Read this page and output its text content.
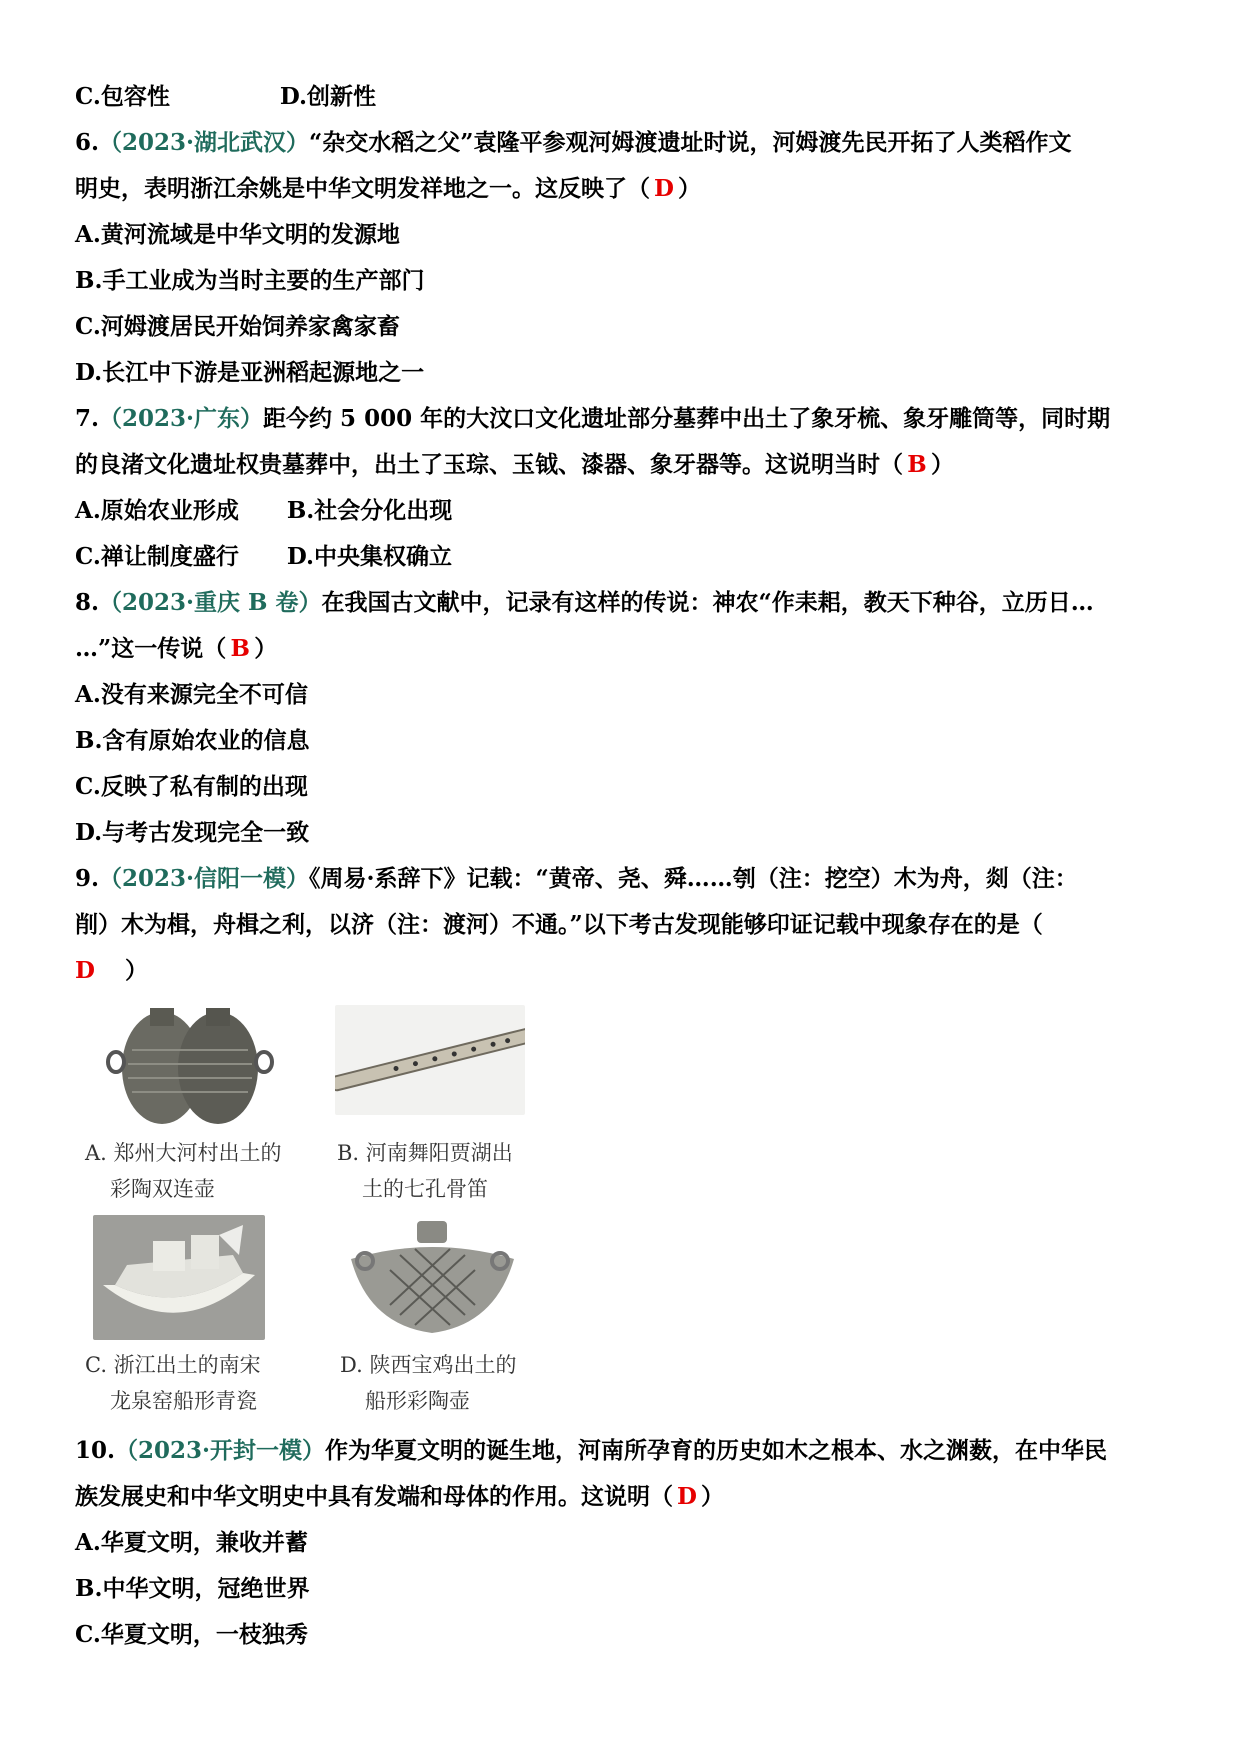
C.包容性	D.创新性
6.（2023·湖北武汉）“杂交水稻之父”袁隆平参观河姆渡遗址时说，河姆渡先民开拓了人类稻作文
明史，表明浙江余姚是中华文明发祥地之一。这反映了（ D ）
A.黄河流域是中华文明的发源地
B.手工业成为当时主要的生产部门
C.河姆渡居民开始饲养家禽家畜
D.长江中下游是亚洲稻起源地之一
7.（2023·广东）距今约 5 000 年的大汶口文化遗址部分墓葬中出土了象牙梳、象牙雕筒等，同时期
的良渚文化遗址权贵墓葬中，出土了玉琮、玉钺、漆器、象牙器等。这说明当时（ B ）
A.原始农业形成 B.社会分化出现
C.禅让制度盛行 D.中央集权确立
8.（2023·重庆 B 卷）在我国古文献中，记录有这样的传说：神农“作耒耜，教天下种谷，立历日…
…”这一传说（ B ）
A.没有来源完全不可信
B.含有原始农业的信息
C.反映了私有制的出现
D.与考古发现完全一致
9.（2023·信阳一模）《周易·系辞下》记载：“黄帝、尧、舜……刳（注：挖空）木为舟，剡（注：
削）木为楫，舟楫之利，以济（注：渡河）不通。”以下考古发现能够印证记载中现象存在的是（
D ）
A. 郑州大河村出土的
彩陶双连壶
B. 河南舞阳贾湖出
土的七孔骨笛
C. 浙江出土的南宋
龙泉窑船形青瓷
D. 陕西宝鸡出土的
船形彩陶壶
10.（2023·开封一模）作为华夏文明的诞生地，河南所孕育的历史如木之根本、水之渊薮，在中华民
族发展史和中华文明史中具有发端和母体的作用。这说明（ D ）
A.华夏文明，兼收并蓄
B.中华文明，冠绝世界
C.华夏文明，一枝独秀
